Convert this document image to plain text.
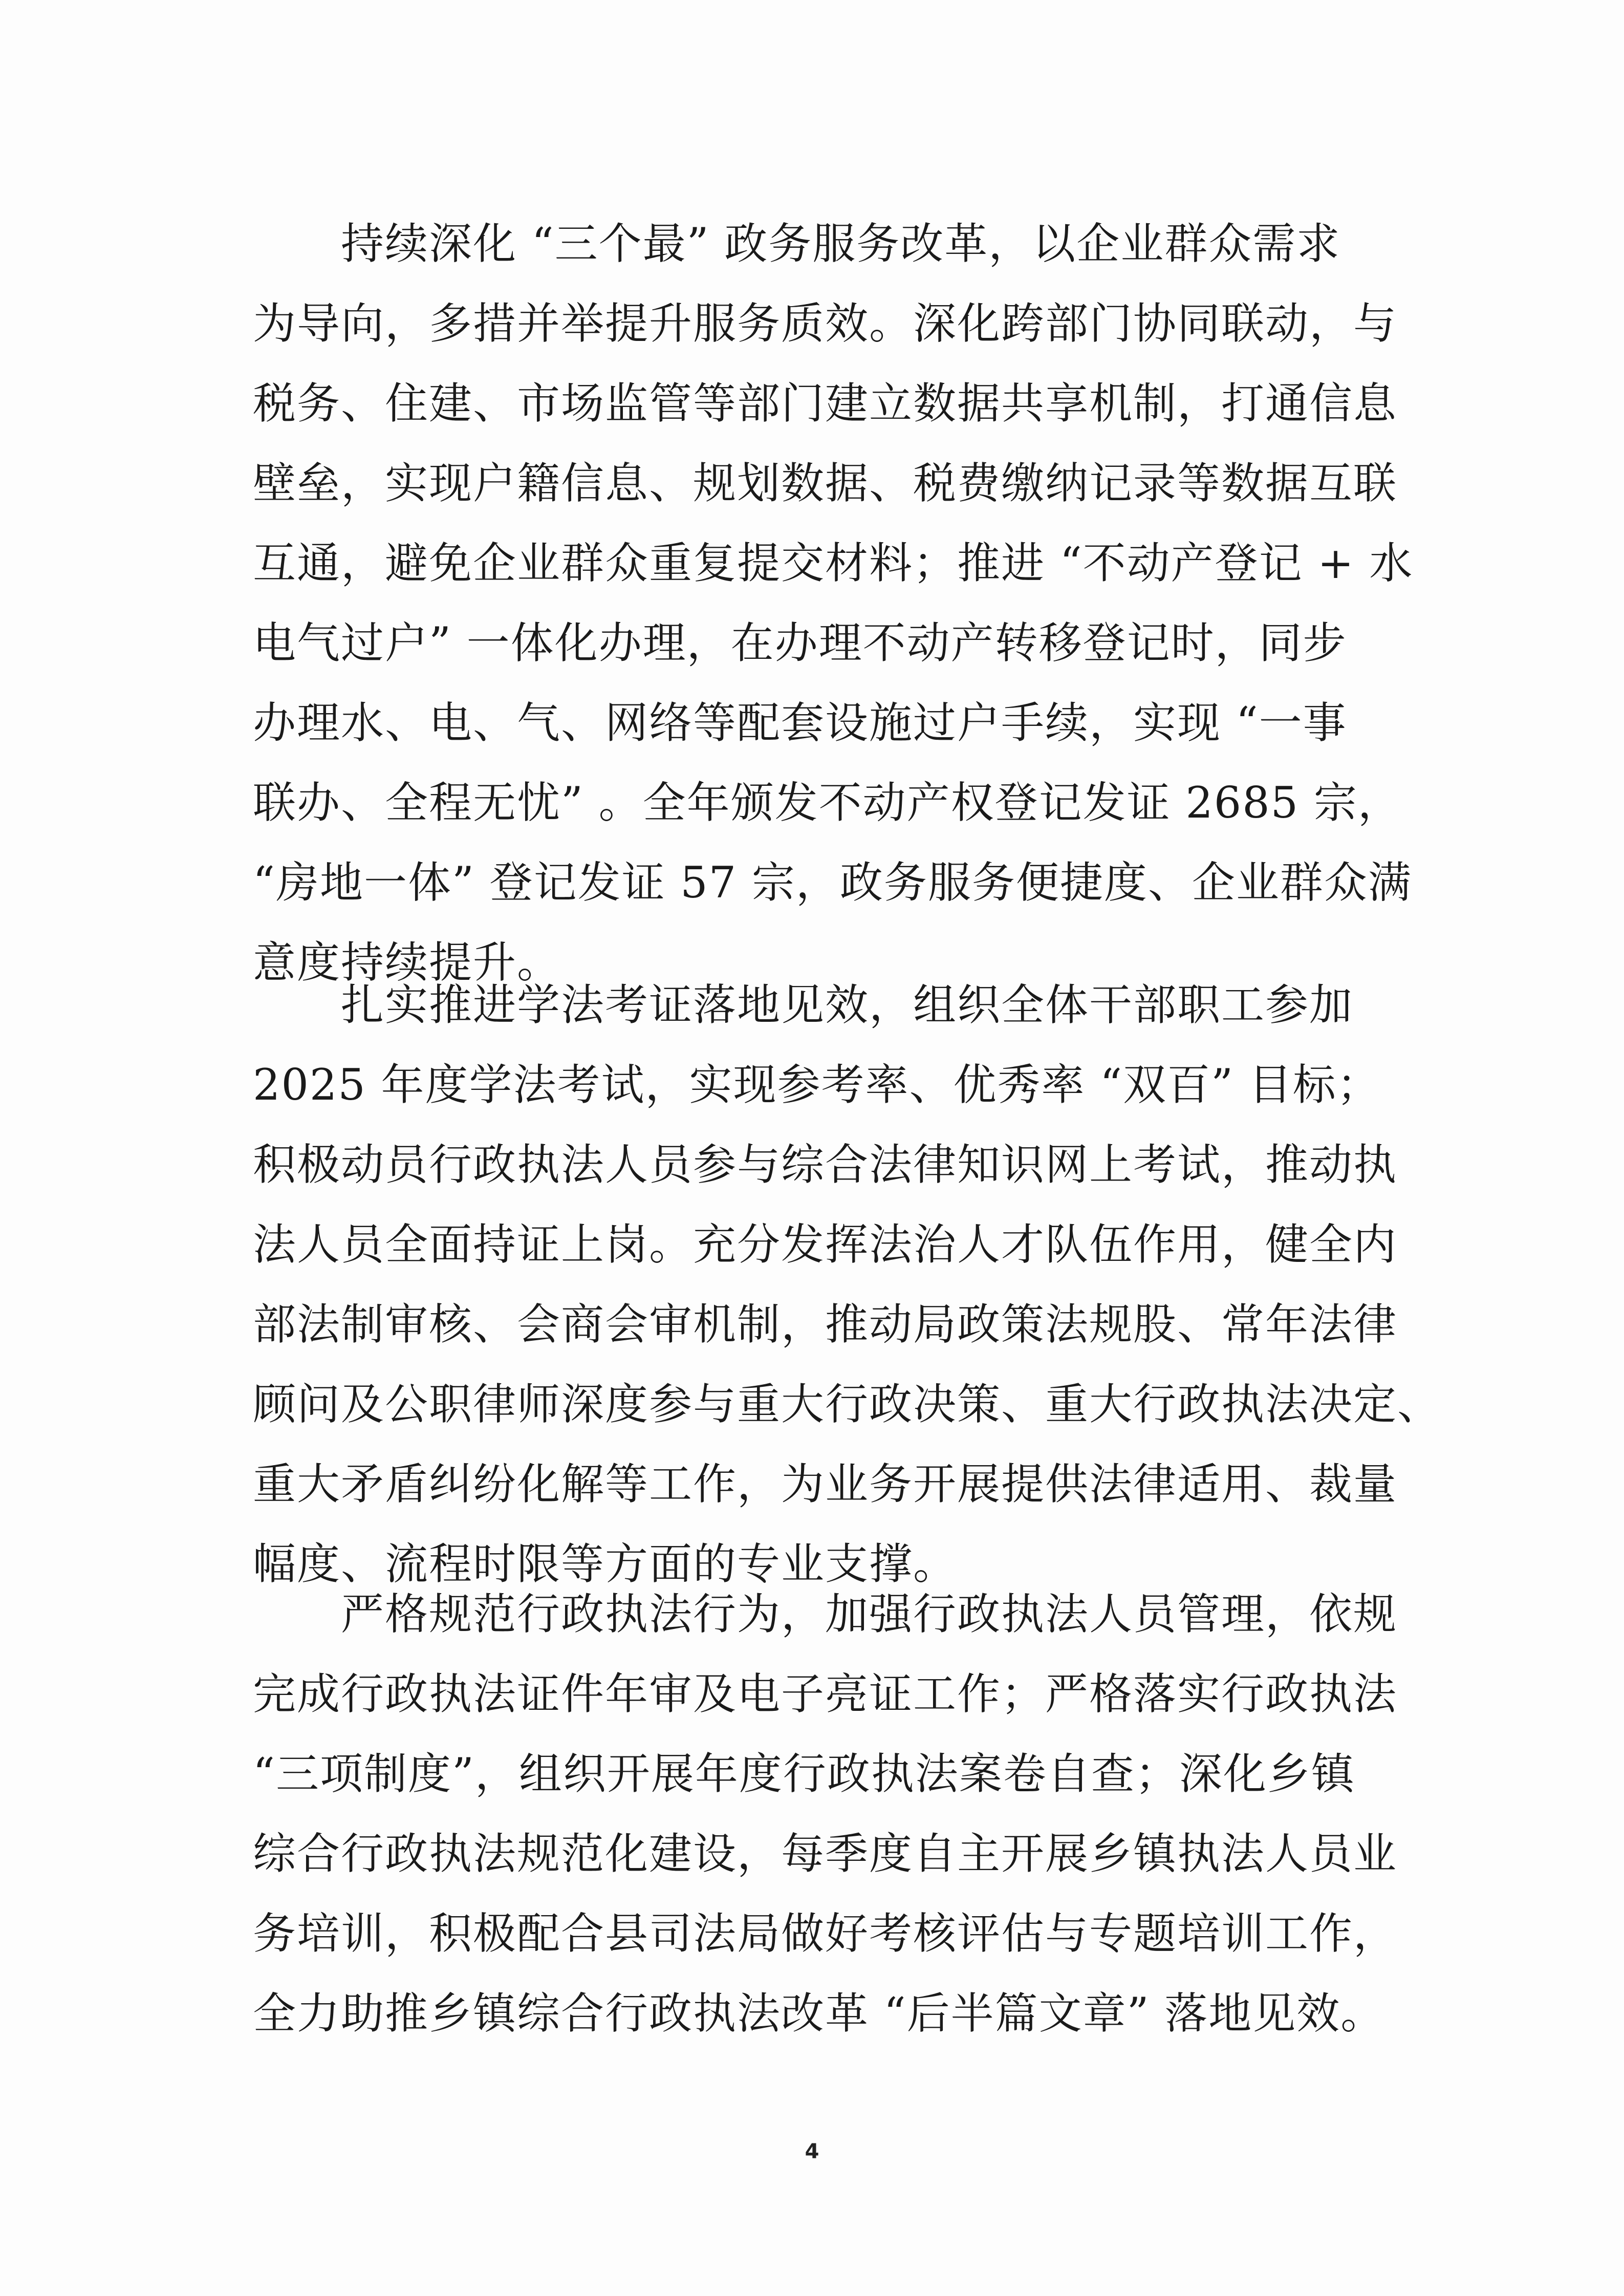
　　持续深化 “三个最” 政务服务改革，以企业群众需求
为导向，多措并举提升服务质效。深化跨部门协同联动，与
税务、住建、市场监管等部门建立数据共享机制，打通信息
壁垒，实现户籍信息、规划数据、税费缴纳记录等数据互联
互通，避免企业群众重复提交材料；推进 “不动产登记 + 水
电气过户” 一体化办理，在办理不动产转移登记时，同步
办理水、电、气、网络等配套设施过户手续，实现 “一事
联办、全程无忧” 。全年颁发不动产权登记发证 2685 宗，
“房地一体” 登记发证 57 宗，政务服务便捷度、企业群众满
意度持续提升。
　　扎实推进学法考证落地见效，组织全体干部职工参加
2025 年度学法考试，实现参考率、优秀率 “双百” 目标；
积极动员行政执法人员参与综合法律知识网上考试，推动执
法人员全面持证上岗。充分发挥法治人才队伍作用，健全内
部法制审核、会商会审机制，推动局政策法规股、常年法律
顾问及公职律师深度参与重大行政决策、重大行政执法决定、
重大矛盾纠纷化解等工作，为业务开展提供法律适用、裁量
幅度、流程时限等方面的专业支撑。
　　严格规范行政执法行为，加强行政执法人员管理，依规
完成行政执法证件年审及电子亮证工作；严格落实行政执法
“三项制度”，组织开展年度行政执法案卷自查；深化乡镇
综合行政执法规范化建设，每季度自主开展乡镇执法人员业
务培训，积极配合县司法局做好考核评估与专题培训工作，
全力助推乡镇综合行政执法改革 “后半篇文章” 落地见效。
4
